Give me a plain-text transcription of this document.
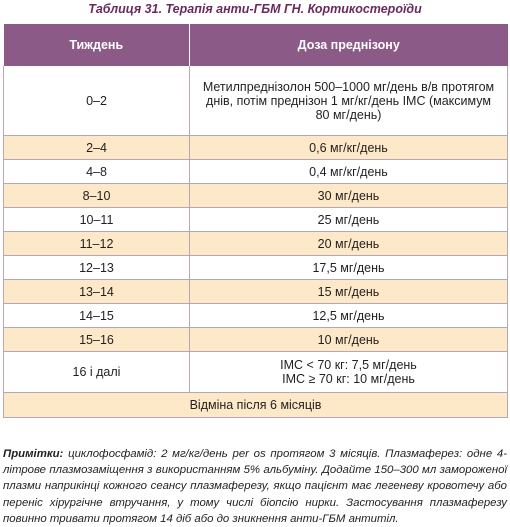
Таблиця 31. Терапія анти-ГБМ ГН. Кортикостероїди
Тиждень	Доза преднізону
0–2	Метилпреднізолон 500–1000 мг/день в/в протягом
днів, потім преднізон 1 мг/кг/день ІМС (максимум
80 мг/день)
2–4	0,6 мг/кг/день
4–8	0,4 мг/кг/день
8–10	30 мг/день
10–11	25 мг/день
11–12	20 мг/день
12–13	17,5 мг/день
13–14	15 мг/день
14–15	12,5 мг/день
15–16	10 мг/день
16 і далі	ІМС < 70 кг: 7,5 мг/день
ІМС ≥ 70 кг: 10 мг/день
Відміна після 6 місяців	
Примітки: циклофосфамід: 2 мг/кг/день per os протягом 3 місяців. Плазмаферез: одне 4-літрове плазмозаміщення з використанням 5% альбуміну. Додайте 150–300 мл замороженої плазми наприкінці кожного сеансу плазмаферезу, якщо пацієнт має легеневу кровотечу або переніс хірургічне втручання, у тому числі біопсію нирки. Застосування плазмаферезу повинно тривати протягом 14 діб або до зникнення анти-ГБМ антитіл.
